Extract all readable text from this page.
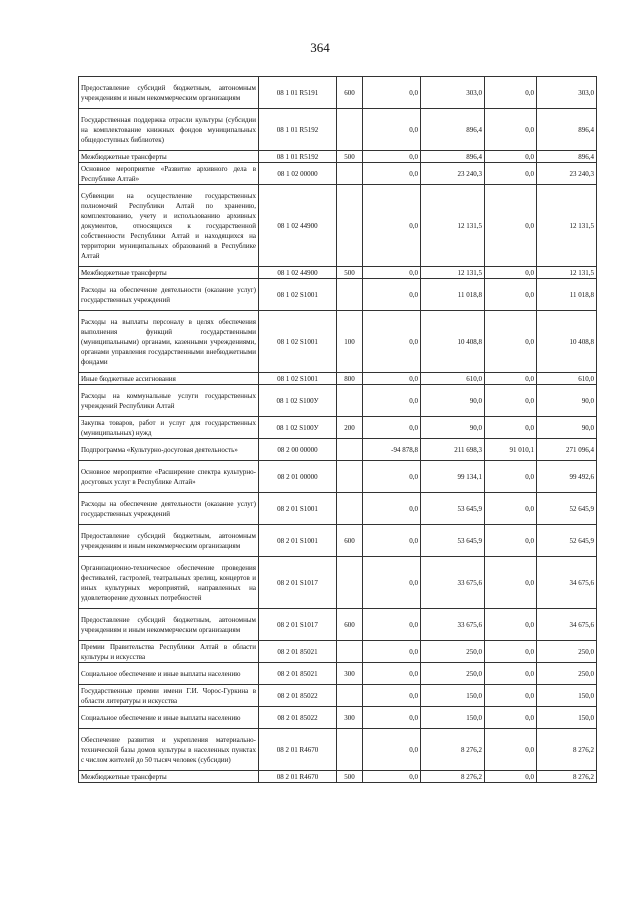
364
Предоставление субсидий бюджетным, автономным учреждениям и иным некоммерческим организациям	08 1 01 R5191	600	0,0	303,0	0,0	303,0
Государственная поддержка отрасли культуры (субсидии на комплектование книжных фондов муниципальных общедоступных библиотек)	08 1 01 R5192		0,0	896,4	0,0	896,4
Межбюджетные трансферты	08 1 01 R5192	500	0,0	896,4	0,0	896,4
Основное мероприятие «Развитие архивного дела в Республике Алтай»	08 1 02 00000		0,0	23 240,3	0,0	23 240,3
Субвенции на осуществление государственных полномочий Республики Алтай по хранению, комплектованию, учету и использованию архивных документов, относящихся к государственной собственности Республики Алтай и находящихся на территории муниципальных образований в Республике Алтай	08 1 02 44900		0,0	12 131,5	0,0	12 131,5
Межбюджетные трансферты	08 1 02 44900	500	0,0	12 131,5	0,0	12 131,5
Расходы на обеспечение деятельности (оказание услуг) государственных учреждений	08 1 02 S1001		0,0	11 018,8	0,0	11 018,8
Расходы на выплаты персоналу в целях обеспечения выполнения функций государственными (муниципальными) органами, казенными учреждениями, органами управления государственными внебюджетными фондами	08 1 02 S1001	100	0,0	10 408,8	0,0	10 408,8
Иные бюджетные ассигнования	08 1 02 S1001	800	0,0	610,0	0,0	610,0
Расходы на коммунальные услуги государственных учреждений Республики Алтай	08 1 02 S100У		0,0	90,0	0,0	90,0
Закупка товаров, работ и услуг для государственных (муниципальных) нужд	08 1 02 S100У	200	0,0	90,0	0,0	90,0
Подпрограмма «Культурно-досуговая деятельность»	08 2 00 00000		-94 878,8	211 698,3	91 010,1	271 096,4
Основное мероприятие «Расширение спектра культурно-досуговых услуг в Республике Алтай»	08 2 01 00000		0,0	99 134,1	0,0	99 492,6
Расходы на обеспечение деятельности (оказание услуг) государственных учреждений	08 2 01 S1001		0,0	53 645,9	0,0	52 645,9
Предоставление субсидий бюджетным, автономным учреждениям и иным некоммерческим организациям	08 2 01 S1001	600	0,0	53 645,9	0,0	52 645,9
Организационно-техническое обеспечение проведения фестивалей, гастролей, театральных зрелищ, концертов и иных культурных мероприятий, направленных на удовлетворение духовных потребностей	08 2 01 S1017		0,0	33 675,6	0,0	34 675,6
Предоставление субсидий бюджетным, автономным учреждениям и иным некоммерческим организациям	08 2 01 S1017	600	0,0	33 675,6	0,0	34 675,6
Премии Правительства Республики Алтай в области культуры и искусства	08 2 01 85021		0,0	250,0	0,0	250,0
Социальное обеспечение и иные выплаты населению	08 2 01 85021	300	0,0	250,0	0,0	250,0
Государственные премии имени Г.И. Чорос-Гуркина в области литературы и искусства	08 2 01 85022		0,0	150,0	0,0	150,0
Социальное обеспечение и иные выплаты населению	08 2 01 85022	300	0,0	150,0	0,0	150,0
Обеспечение развития и укрепления материально-технической базы домов культуры в населенных пунктах с числом жителей до 50 тысяч человек (субсидии)	08 2 01 R4670		0,0	8 276,2	0,0	8 276,2
Межбюджетные трансферты	08 2 01 R4670	500	0,0	8 276,2	0,0	8 276,2
